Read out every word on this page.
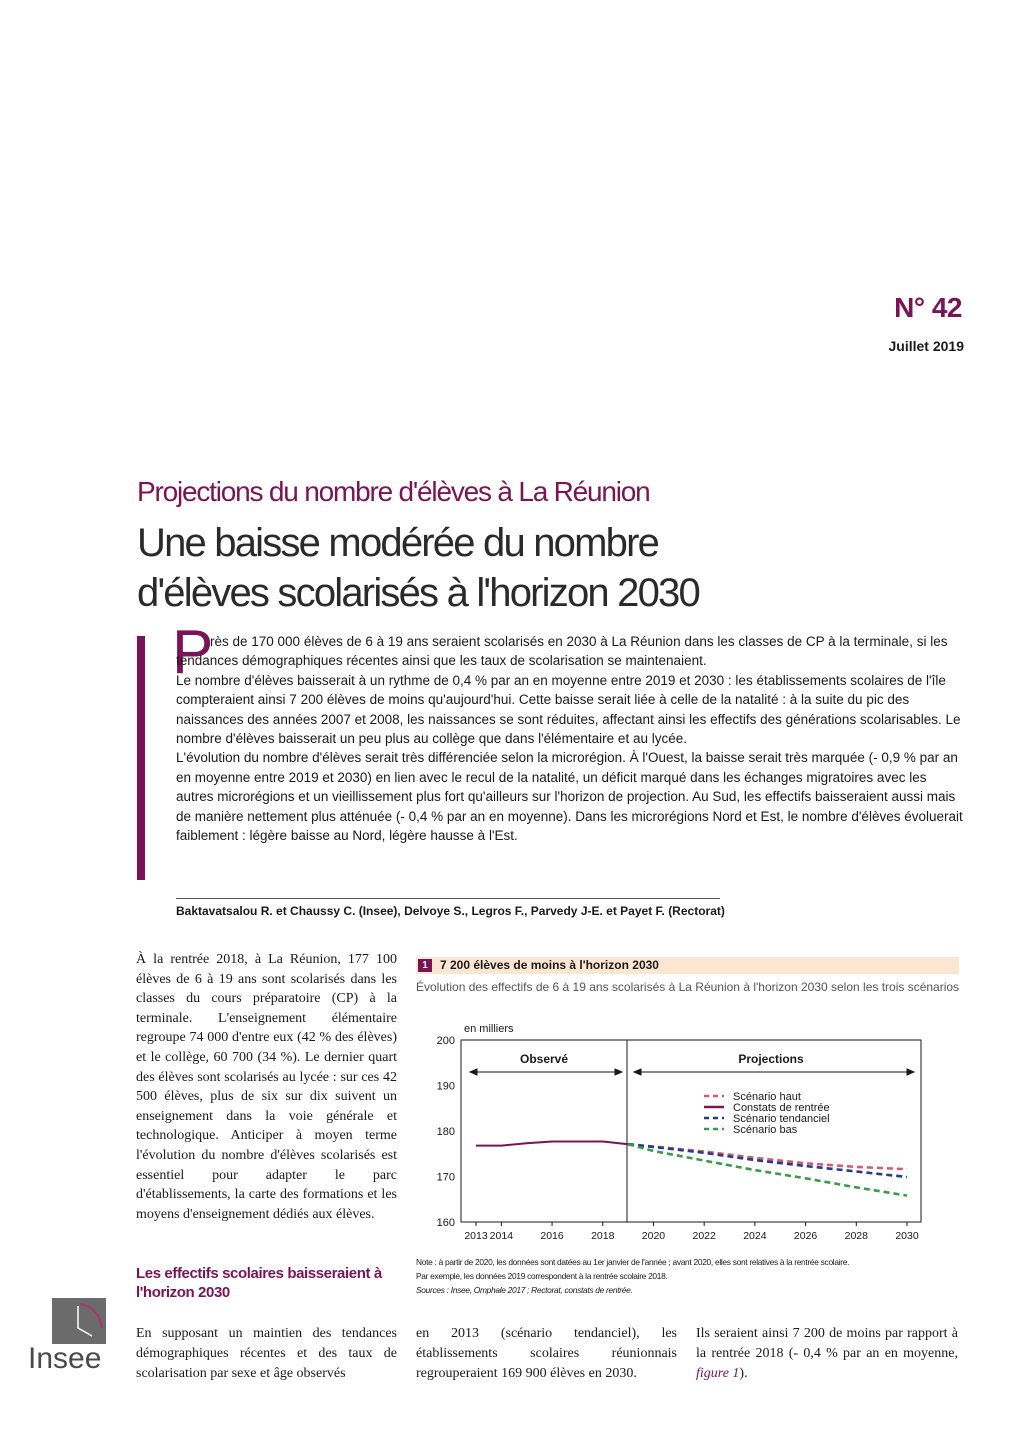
N° 42
Juillet 2019
Projections du nombre d'élèves à La Réunion
Une baisse modérée du nombre
d'élèves scolarisés à l'horizon 2030
P

rès de 170 000 élèves de 6 à 19 ans seraient scolarisés en 2030 à La Réunion dans les classes de CP à la terminale, si les tendances démographiques récentes ainsi que les taux de scolarisation se maintenaient.

Le nombre d'élèves baisserait à un rythme de 0,4 % par an en moyenne entre 2019 et 2030 : les établissements scolaires de l'île compteraient ainsi 7 200 élèves de moins qu'aujourd'hui. Cette baisse serait liée à celle de la natalité : à la suite du pic des naissances des années 2007 et 2008, les naissances se sont réduites, affectant ainsi les effectifs des générations scolarisables. Le nombre d'élèves baisserait un peu plus au collège que dans l'élémentaire et au lycée.

L'évolution du nombre d'élèves serait très différenciée selon la microrégion. À l'Ouest, la baisse serait très marquée (- 0,9 % par an en moyenne entre 2019 et 2030) en lien avec le recul de la natalité, un déficit marqué dans les échanges migratoires avec les autres microrégions et un vieillissement plus fort qu'ailleurs sur l'horizon de projection. Au Sud, les effectifs baisseraient aussi mais de manière nettement plus atténuée (- 0,4 % par an en moyenne). Dans les microrégions Nord et Est, le nombre d'élèves évoluerait faiblement : légère baisse au Nord, légère hausse à l'Est.

Baktavatsalou R. et Chaussy C. (Insee), Delvoye S., Legros F., Parvedy J-E. et Payet F. (Rectorat)
À la rentrée 2018, à La Réunion, 177 100 élèves de 6 à 19 ans sont scolarisés dans les classes du cours préparatoire (CP) à la terminale. L'enseignement élémentaire regroupe 74 000 d'entre eux (42 % des élèves) et le collège, 60 700 (34 %). Le dernier quart des élèves sont scolarisés au lycée : sur ces 42 500 élèves, plus de six sur dix suivent un enseignement dans la voie générale et technologique. Anticiper à moyen terme l'évolution du nombre d'élèves scolarisés est essentiel pour adapter le parc d'établissements, la carte des formations et les moyens d'enseignement dédiés aux élèves.
Les effectifs scolaires baisseraient à l'horizon 2030
En supposant un maintien des tendances démographiques récentes et des taux de scolarisation par sexe et âge observés
en 2013 (scénario tendanciel), les établissements scolaires réunionnais regrouperaient 169 900 élèves en 2030.
Ils seraient ainsi 7 200 de moins par rapport à la rentrée 2018 (- 0,4 % par an en moyenne, figure 1).
1	7 200 élèves de moins à l'horizon 2030
Évolution des effectifs de 6 à 19 ans scolarisés à La Réunion à l'horizon 2030 selon les trois scénarios
en milliers
Observé	Projections
160
170
180
190
200
2013 2014	2016	2018	2020	2022	2024	2026	2028	2030
Scénario haut
Constats de rentrée
Scénario tendanciel
Scénario bas
Note : à partir de 2020, les données sont datées au 1er janvier de l'année ; avant 2020, elles sont relatives à la rentrée scolaire.
Par exemple, les données 2019 correspondent à la rentrée scolaire 2018.
Sources : Insee, Omphale 2017 ; Rectorat, constats de rentrée.
Insee
